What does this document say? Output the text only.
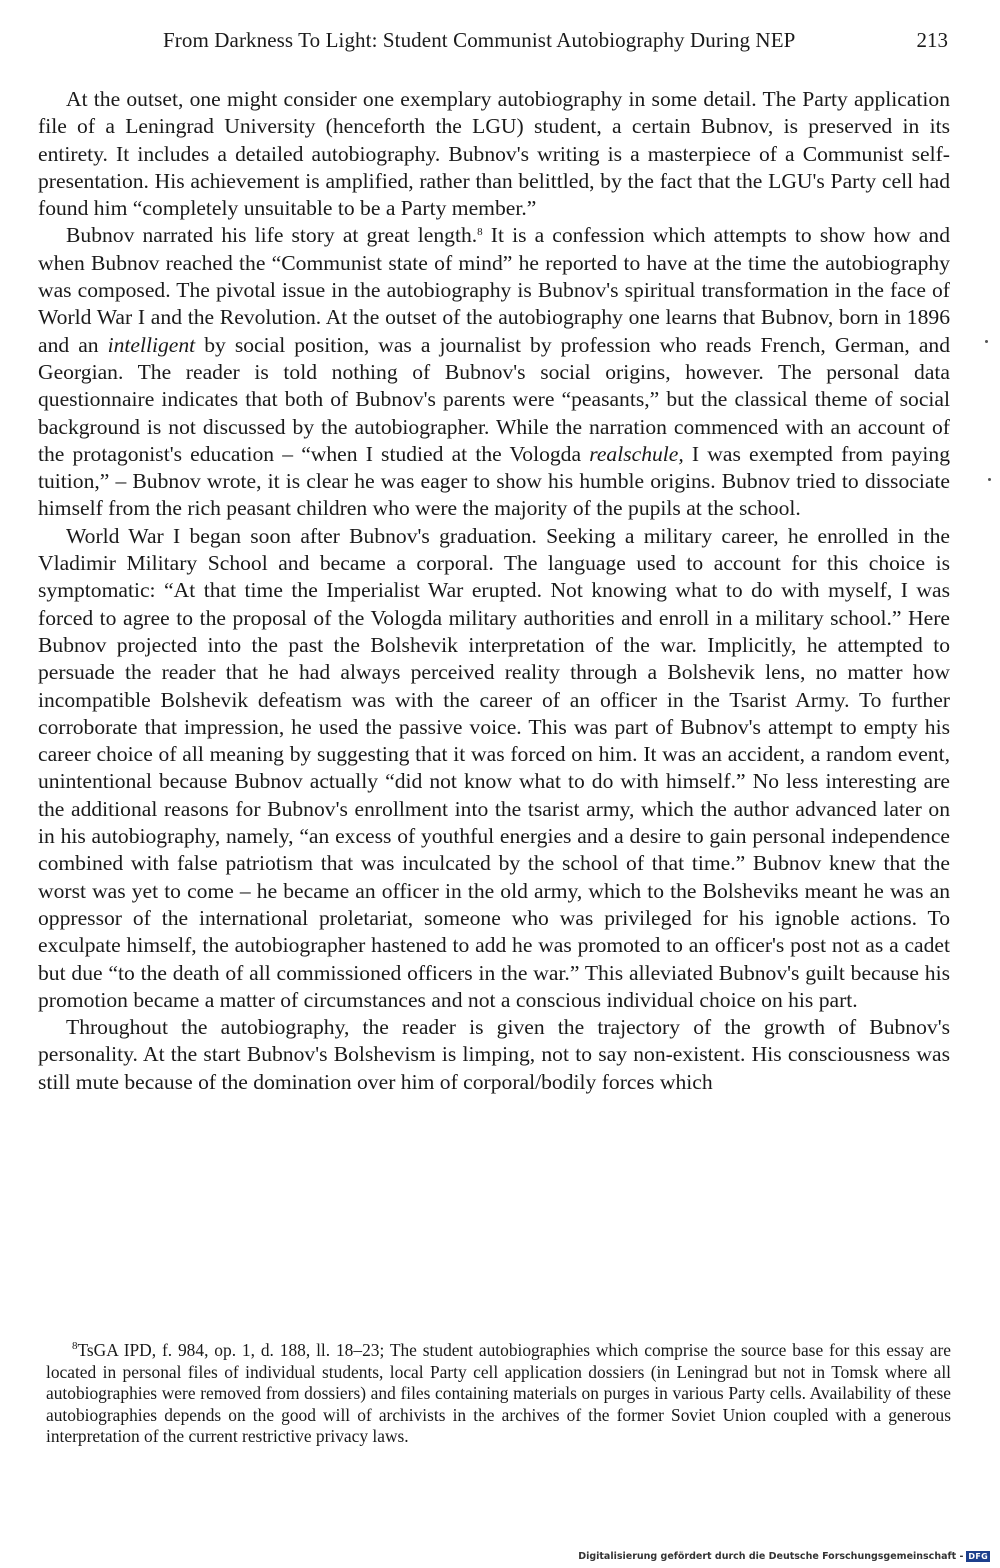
From Darkness To Light: Student Communist Autobiography During NEP	213

At the outset, one might consider one exemplary autobiography in some detail. The Party application file of a Leningrad University (henceforth the LGU) student, a certain Bubnov, is preserved in its entirety. It includes a detailed autobiography. Bubnov's writing is a masterpiece of a Communist self-presentation. His achievement is amplified, rather than belittled, by the fact that the LGU's Party cell had found him “completely unsuitable to be a Party member.”

Bubnov narrated his life story at great length.$^8$ It is a confession which attempts to show how and when Bubnov reached the “Communist state of mind” he reported to have at the time the autobiography was composed. The pivotal issue in the autobiography is Bubnov's spiritual transformation in the face of World War I and the Revolution. At the outset of the autobiography one learns that Bubnov, born in 1896 and an intelligent by social position, was a journalist by profession who reads French, German, and Georgian. The reader is told nothing of Bubnov's social origins, however. The personal data questionnaire indicates that both of Bubnov's parents were “peasants,” but the classical theme of social background is not discussed by the autobiographer. While the narration commenced with an account of the protagonist's education – “when I studied at the Vologda realschule, I was exempted from paying tuition,” – Bubnov wrote, it is clear he was eager to show his humble origins. Bubnov tried to dissociate himself from the rich peasant children who were the majority of the pupils at the school.

World War I began soon after Bubnov's graduation. Seeking a military career, he enrolled in the Vladimir Military School and became a corporal. The language used to account for this choice is symptomatic: “At that time the Imperialist War erupted. Not knowing what to do with myself, I was forced to agree to the proposal of the Vologda military authorities and enroll in a military school.” Here Bubnov projected into the past the Bolshevik interpretation of the war. Implicitly, he attempted to persuade the reader that he had always perceived reality through a Bolshevik lens, no matter how incompatible Bolshevik defeatism was with the career of an officer in the Tsarist Army. To further corroborate that impression, he used the passive voice. This was part of Bubnov's attempt to empty his career choice of all meaning by suggesting that it was forced on him. It was an accident, a random event, unintentional because Bubnov actually “did not know what to do with himself.” No less interesting are the additional reasons for Bubnov's enrollment into the tsarist army, which the author advanced later on in his autobiography, namely, “an excess of youthful energies and a desire to gain personal independence combined with false patriotism that was inculcated by the school of that time.” Bubnov knew that the worst was yet to come – he became an officer in the old army, which to the Bolsheviks meant he was an oppressor of the international proletariat, someone who was privileged for his ignoble actions. To exculpate himself, the autobiographer hastened to add he was promoted to an officer's post not as a cadet but due “to the death of all commissioned officers in the war.” This alleviated Bubnov's guilt because his promotion became a matter of circumstances and not a conscious individual choice on his part.

Throughout the autobiography, the reader is given the trajectory of the growth of Bubnov's personality. At the start Bubnov's Bolshevism is limping, not to say non-existent. His consciousness was still mute because of the domination over him of corporal/bodily forces which

$^8$TsGA IPD, f. 984, op. 1, d. 188, ll. 18–23; The student autobiographies which comprise the source base for this essay are located in personal files of individual students, local Party cell application dossiers (in Leningrad but not in Tomsk where all autobiographies were removed from dossiers) and files containing materials on purges in various Party cells. Availability of these autobiographies depends on the good will of archivists in the archives of the former Soviet Union coupled with a generous interpretation of the current restrictive privacy laws.

Digitalisierung gefördert durch die Deutsche Forschungsgemeinschaft - DFG
